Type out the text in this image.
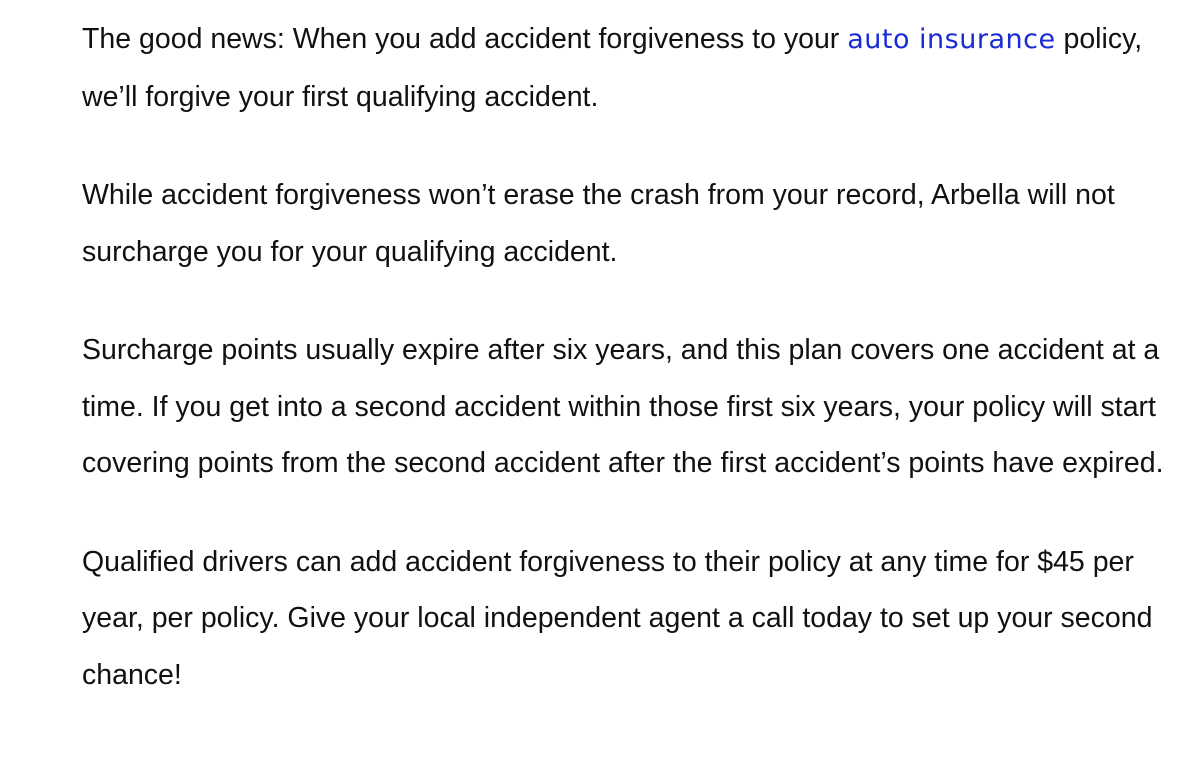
The good news: When you add accident forgiveness to your auto insurance policy, we’ll forgive your first qualifying accident.

While accident forgiveness won’t erase the crash from your record, Arbella will not surcharge you for your qualifying accident.

Surcharge points usually expire after six years, and this plan covers one accident at a time. If you get into a second accident within those first six years, your policy will start covering points from the second accident after the first accident’s points have expired.

Qualified drivers can add accident forgiveness to their policy at any time for $45 per year, per policy. Give your local independent agent a call today to set up your second chance!
